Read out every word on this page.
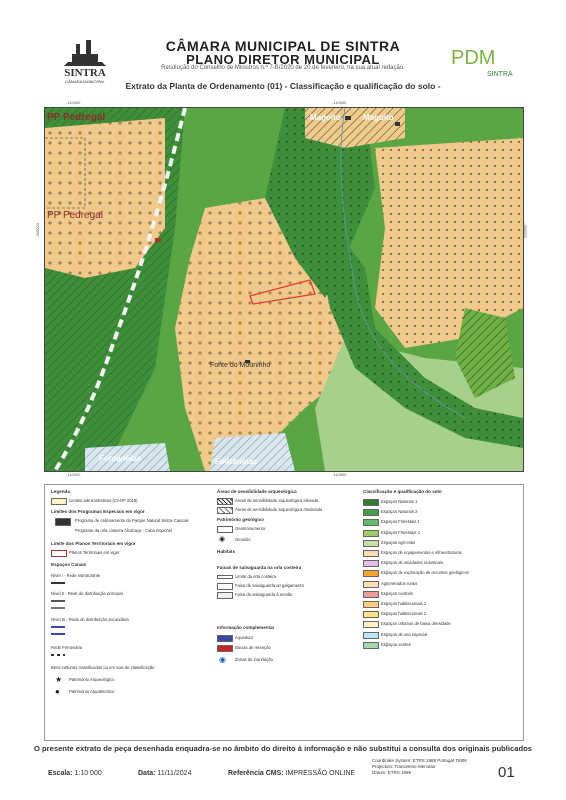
SINTRA
CÂMARA MUNICIPAL
CÂMARA MUNICIPAL DE SINTRA
PLANO DIRETOR MUNICIPAL
Resolução do Conselho de Ministros n.º 7-B/2020 de 20 de fevereiro, na sua atual redação.
Extrato da Planta de Ordenamento (01) - Classificação e qualificação do solo -
PDM
SINTRA
-110000	-110000
-110000	-110000
-300000	-300000
PP Pedregal
PP Pedregal
Magoito	Magoito
Fonte do Mouninho
Fontanelas	Fontanelas
Legenda
Limites administrativos (CAOP 2018)
Limites dos Programas Especiais em vigor
Programa de ordenamento do Parque Natural Sintra-Cascais
Programa da orla costeira Alcobaça - Cabo Espichel
Limite dos Planos Territoriais em vigor
Planos Territoriais em vigor
Espaços Canais
Nível I - Rede estruturante
Nível II - Rede de distribuição principal
Nível III - Rede de distribuição secundária
Rede Ferroviária
Bens culturais classificados ou em vias de classificação
★ Património Arqueológico
● Património Arquitetónico
Áreas de sensibilidade arqueológica
Áreas de sensibilidade arqueológica elevada
Áreas de sensibilidade arqueológica moderada
Património geológico
Geomonumento
◉ Geosítio
Habitats
Faixas de salvaguarda na orla costeira
Limite da orla costeira
Faixa de salvaguarda ao galgamento
Faixa de salvaguarda à erosão
Informação complementar
Aqueduto
Bacias de retenção
◉ Zonas de inundação
Classificação e qualificação do solo
Espaços Naturais 1
Espaços Naturais 2
Espaços Florestais 1
Espaços Florestais 2
Espaços agrícolas
Espaços de equipamentos e infraestruturas
Espaços de atividades industriais
Espaços de exploração de recursos geológicos
Aglomerados rurais
Espaços centrais
Espaços habitacionais 1
Espaços habitacionais 2
Espaços urbanos de baixa densidade
Espaços de uso especial
Espaços verdes
O presente extrato de peça desenhada enquadra-se no âmbito do direito à informação e não substitui a consulta dos originais publicados
Escala: 1:10 000	Data: 11/11/2024	Referência CMS: IMPRESSÃO ONLINE
Coordinate System: ETRS 1989 Portugal TM06
Projection: Transverse Mercator
Datum: ETRS 1989	01
